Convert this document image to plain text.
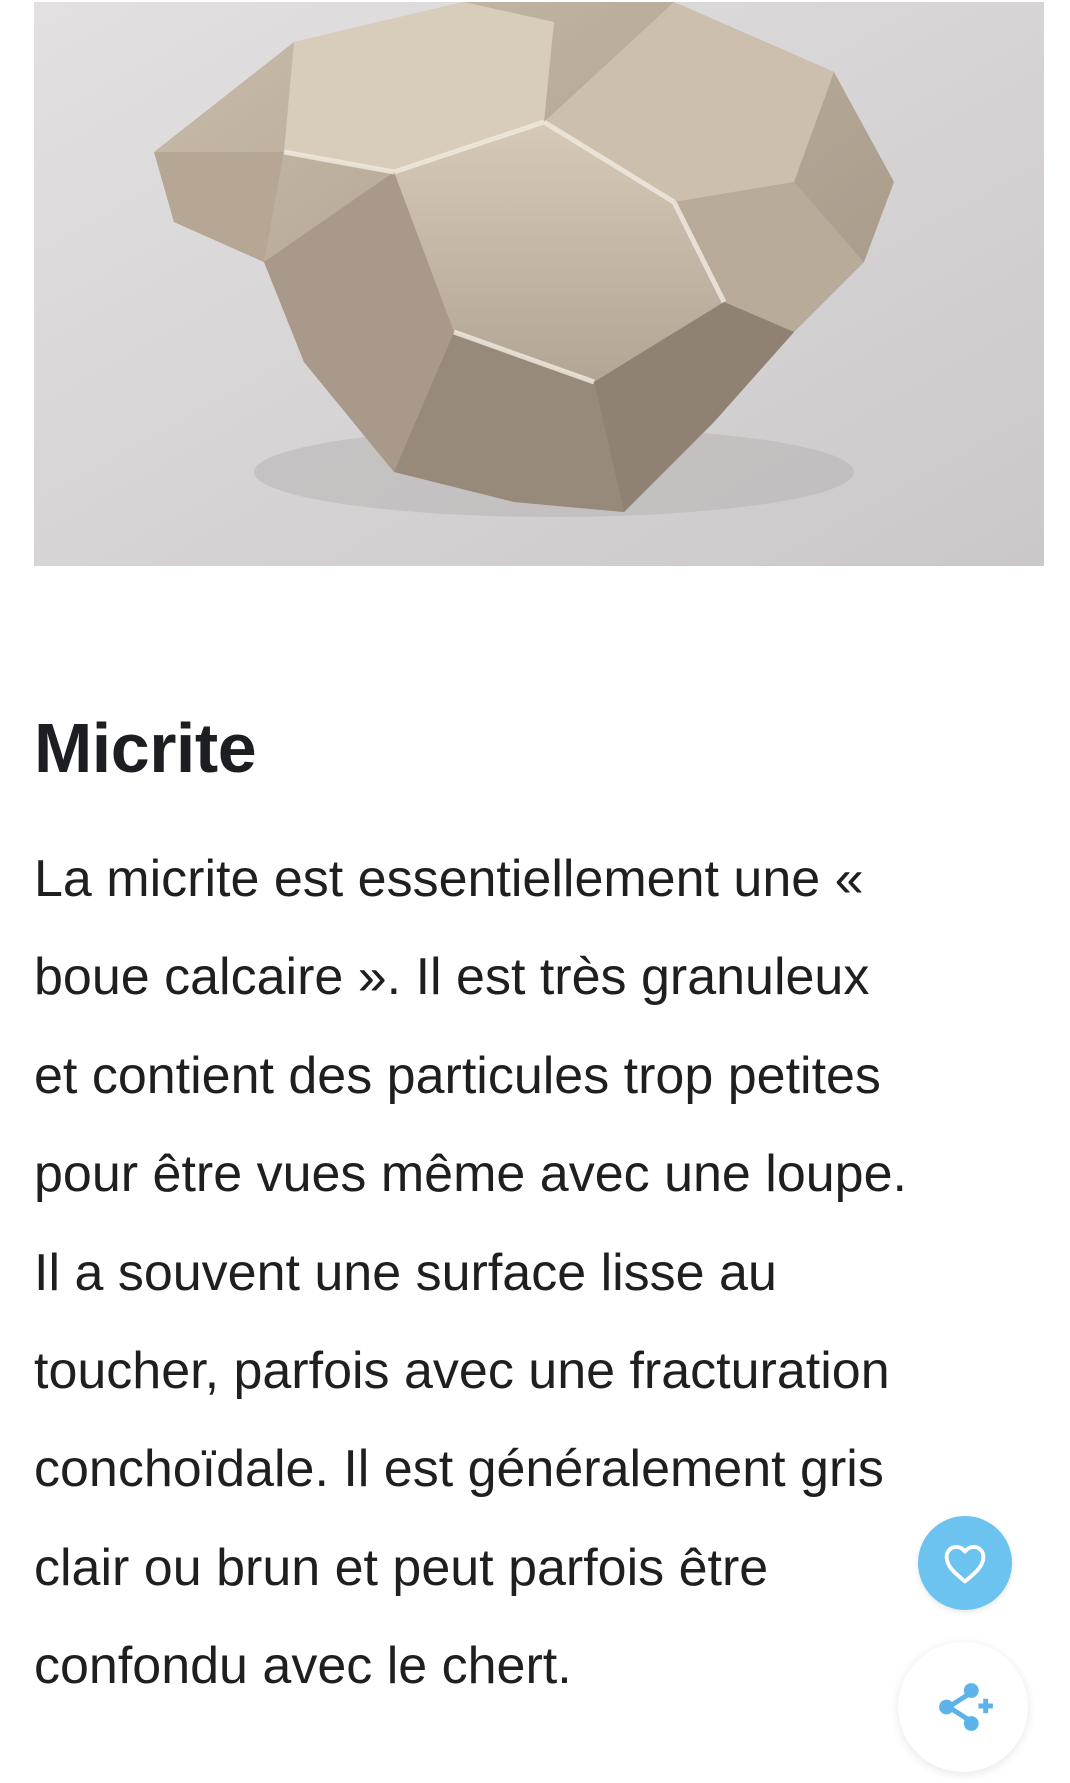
Micrite

La micrite est essentiellement une «
boue calcaire ». Il est très granuleux
et contient des particules trop petites
pour être vues même avec une loupe.
Il a souvent une surface lisse au
toucher, parfois avec une fracturation
conchoïdale. Il est généralement gris
clair ou brun et peut parfois être
confondu avec le chert.
